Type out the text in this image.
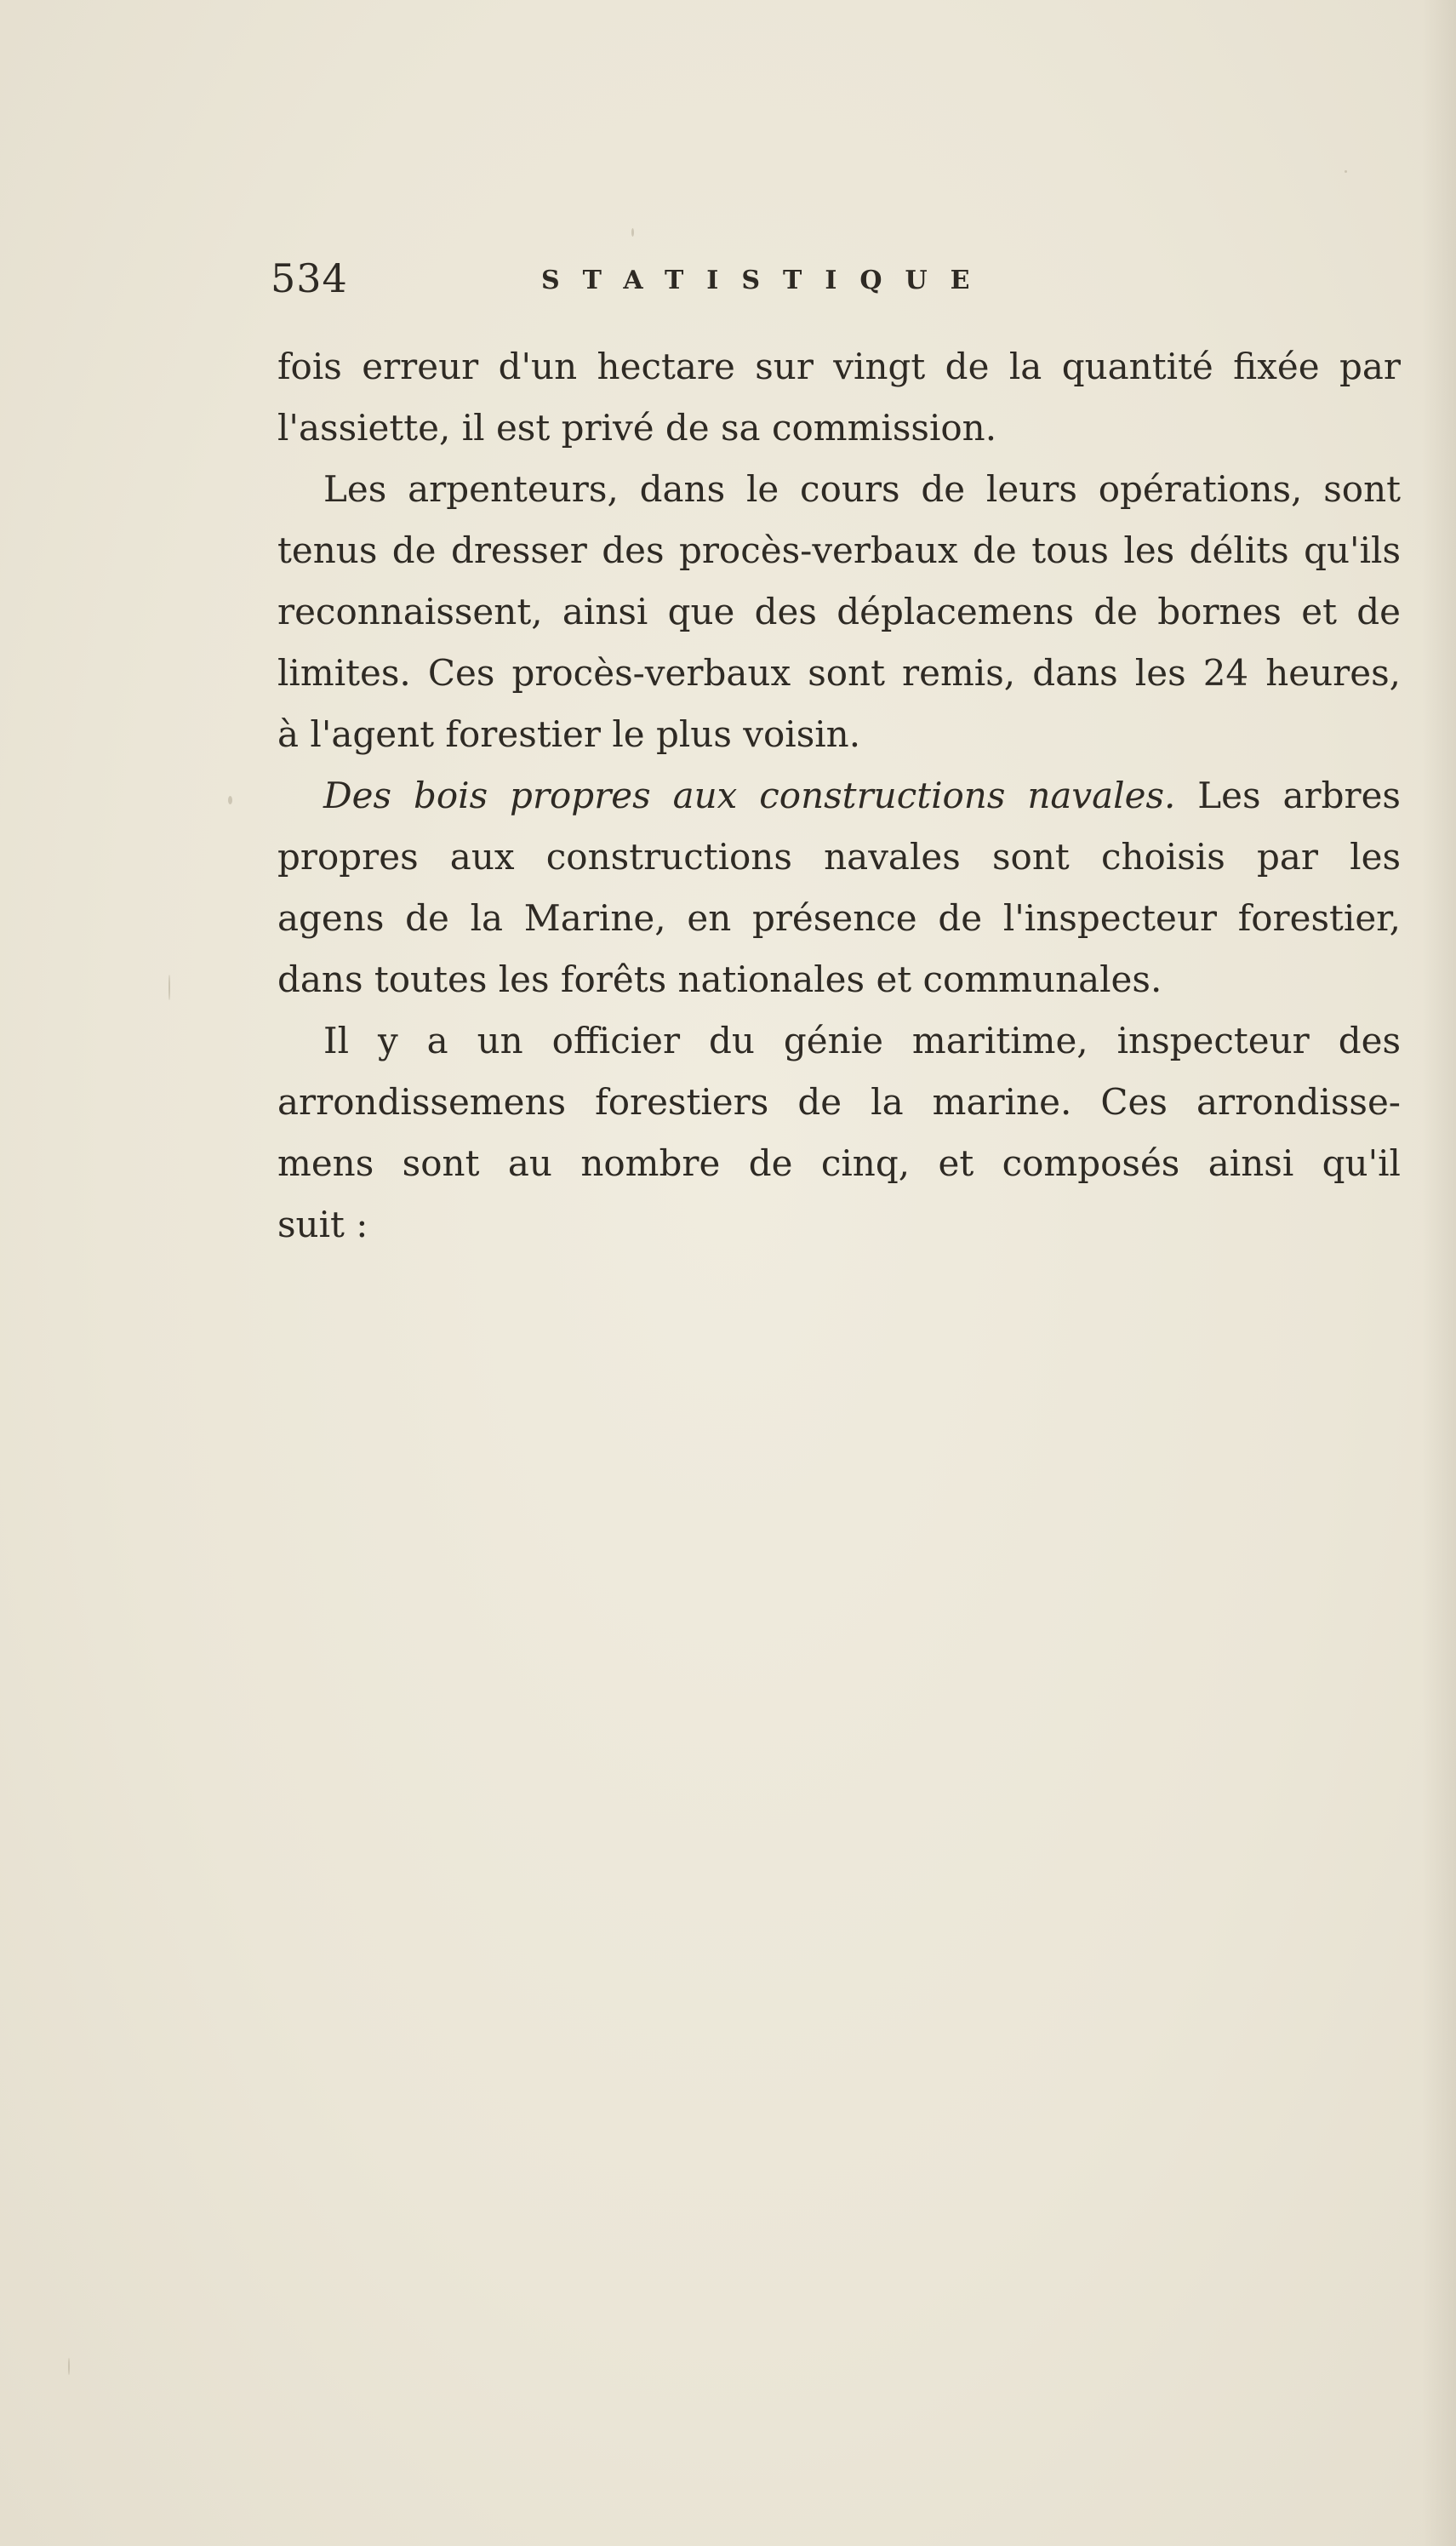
534	STATISTIQUE
fois erreur d'un hectare sur vingt de la quantité fixée par
l'assiette, il est privé de sa commission.
Les arpenteurs, dans le cours de leurs opérations, sont
tenus de dresser des procès-verbaux de tous les délits qu'ils
reconnaissent, ainsi que des déplacemens de bornes et de
limites. Ces procès-verbaux sont remis, dans les 24 heures,
à l'agent forestier le plus voisin.
Des bois propres aux constructions navales. Les arbres
propres aux constructions navales sont choisis par les
agens de la Marine, en présence de l'inspecteur forestier,
dans toutes les forêts nationales et communales.
Il y a un officier du génie maritime, inspecteur des
arrondissemens forestiers de la marine. Ces arrondisse-
mens sont au nombre de cinq, et composés ainsi qu'il
suit :
